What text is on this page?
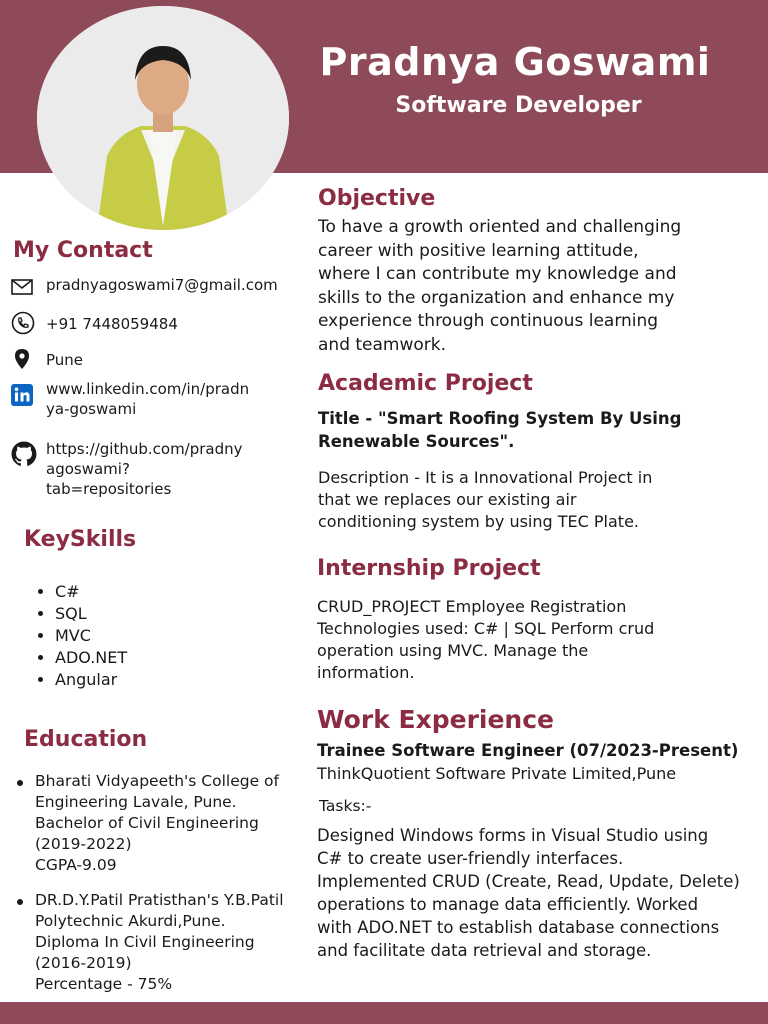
Pradnya Goswami
Software Developer
My Contact
pradnyagoswami7@gmail.com
+91 7448059484
Pune
www.linkedin.com/in/pradn
ya-goswami
https://github.com/pradny
agoswami?
tab=repositories
KeySkills
• C#
• SQL
• MVC
• ADO.NET
• Angular
Education
Bharati Vidyapeeth's College of
Engineering Lavale, Pune.
Bachelor of Civil Engineering
(2019-2022)
CGPA-9.09
DR.D.Y.Patil Pratisthan's Y.B.Patil
Polytechnic Akurdi,Pune.
Diploma In Civil Engineering
(2016-2019)
Percentage - 75%
Objective
To have a growth oriented and challenging
career with positive learning attitude,
where I can contribute my knowledge and
skills to the organization and enhance my
experience through continuous learning
and teamwork.
Academic Project
Title - "Smart Roofing System By Using
Renewable Sources".
Description - It is a Innovational Project in
that we replaces our existing air
conditioning system by using TEC Plate.
Internship Project
CRUD_PROJECT Employee Registration
Technologies used: C# | SQL Perform crud
operation using MVC. Manage the
information.
Work Experience
Trainee Software Engineer (07/2023-Present)
ThinkQuotient Software Private Limited,Pune
Tasks:-
Designed Windows forms in Visual Studio using
C# to create user-friendly interfaces.
Implemented CRUD (Create, Read, Update, Delete)
operations to manage data efficiently. Worked
with ADO.NET to establish database connections
and facilitate data retrieval and storage.
